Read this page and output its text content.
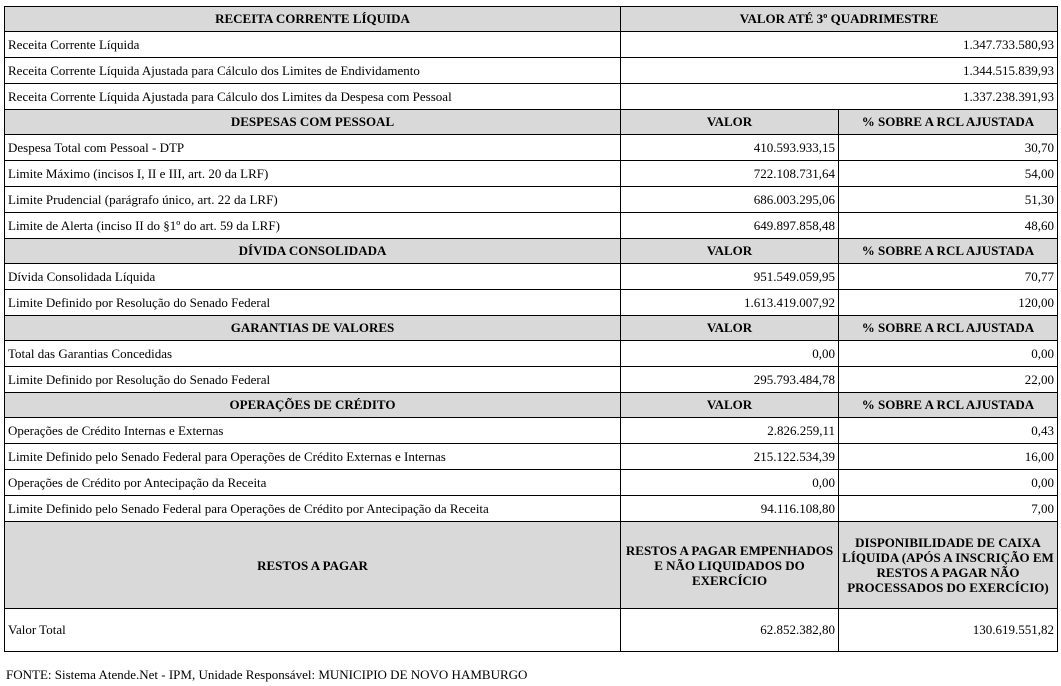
RECEITA CORRENTE LÍQUIDA	VALOR ATÉ 3º QUADRIMESTRE	
Receita Corrente Líquida	1.347.733.580,93	
Receita Corrente Líquida Ajustada para Cálculo dos Limites de Endividamento	1.344.515.839,93	
Receita Corrente Líquida Ajustada para Cálculo dos Limites da Despesa com Pessoal	1.337.238.391,93	
DESPESAS COM PESSOAL	VALOR	% SOBRE A RCL AJUSTADA
Despesa Total com Pessoal - DTP	410.593.933,15	30,70
Limite Máximo (incisos I, II e III, art. 20 da LRF)	722.108.731,64	54,00
Limite Prudencial (parágrafo único, art. 22 da LRF)	686.003.295,06	51,30
Limite de Alerta (inciso II do §1º do art. 59 da LRF)	649.897.858,48	48,60
DÍVIDA CONSOLIDADA	VALOR	% SOBRE A RCL AJUSTADA
Dívida Consolidada Líquida	951.549.059,95	70,77
Limite Definido por Resolução do Senado Federal	1.613.419.007,92	120,00
GARANTIAS DE VALORES	VALOR	% SOBRE A RCL AJUSTADA
Total das Garantias Concedidas	0,00	0,00
Limite Definido por Resolução do Senado Federal	295.793.484,78	22,00
OPERAÇÕES DE CRÉDITO	VALOR	% SOBRE A RCL AJUSTADA
Operações de Crédito Internas e Externas	2.826.259,11	0,43
Limite Definido pelo Senado Federal para Operações de Crédito Externas e Internas	215.122.534,39	16,00
Operações de Crédito por Antecipação da Receita	0,00	0,00
Limite Definido pelo Senado Federal para Operações de Crédito por Antecipação da Receita	94.116.108,80	7,00
RESTOS A PAGAR	RESTOS A PAGAR EMPENHADOS E NÃO LIQUIDADOS DO EXERCÍCIO	DISPONIBILIDADE DE CAIXA LÍQUIDA (APÓS A INSCRIÇÃO EM RESTOS A PAGAR NÃO PROCESSADOS DO EXERCÍCIO)
Valor Total	62.852.382,80	130.619.551,82
FONTE: Sistema Atende.Net - IPM, Unidade Responsável: MUNICIPIO DE NOVO HAMBURGO
